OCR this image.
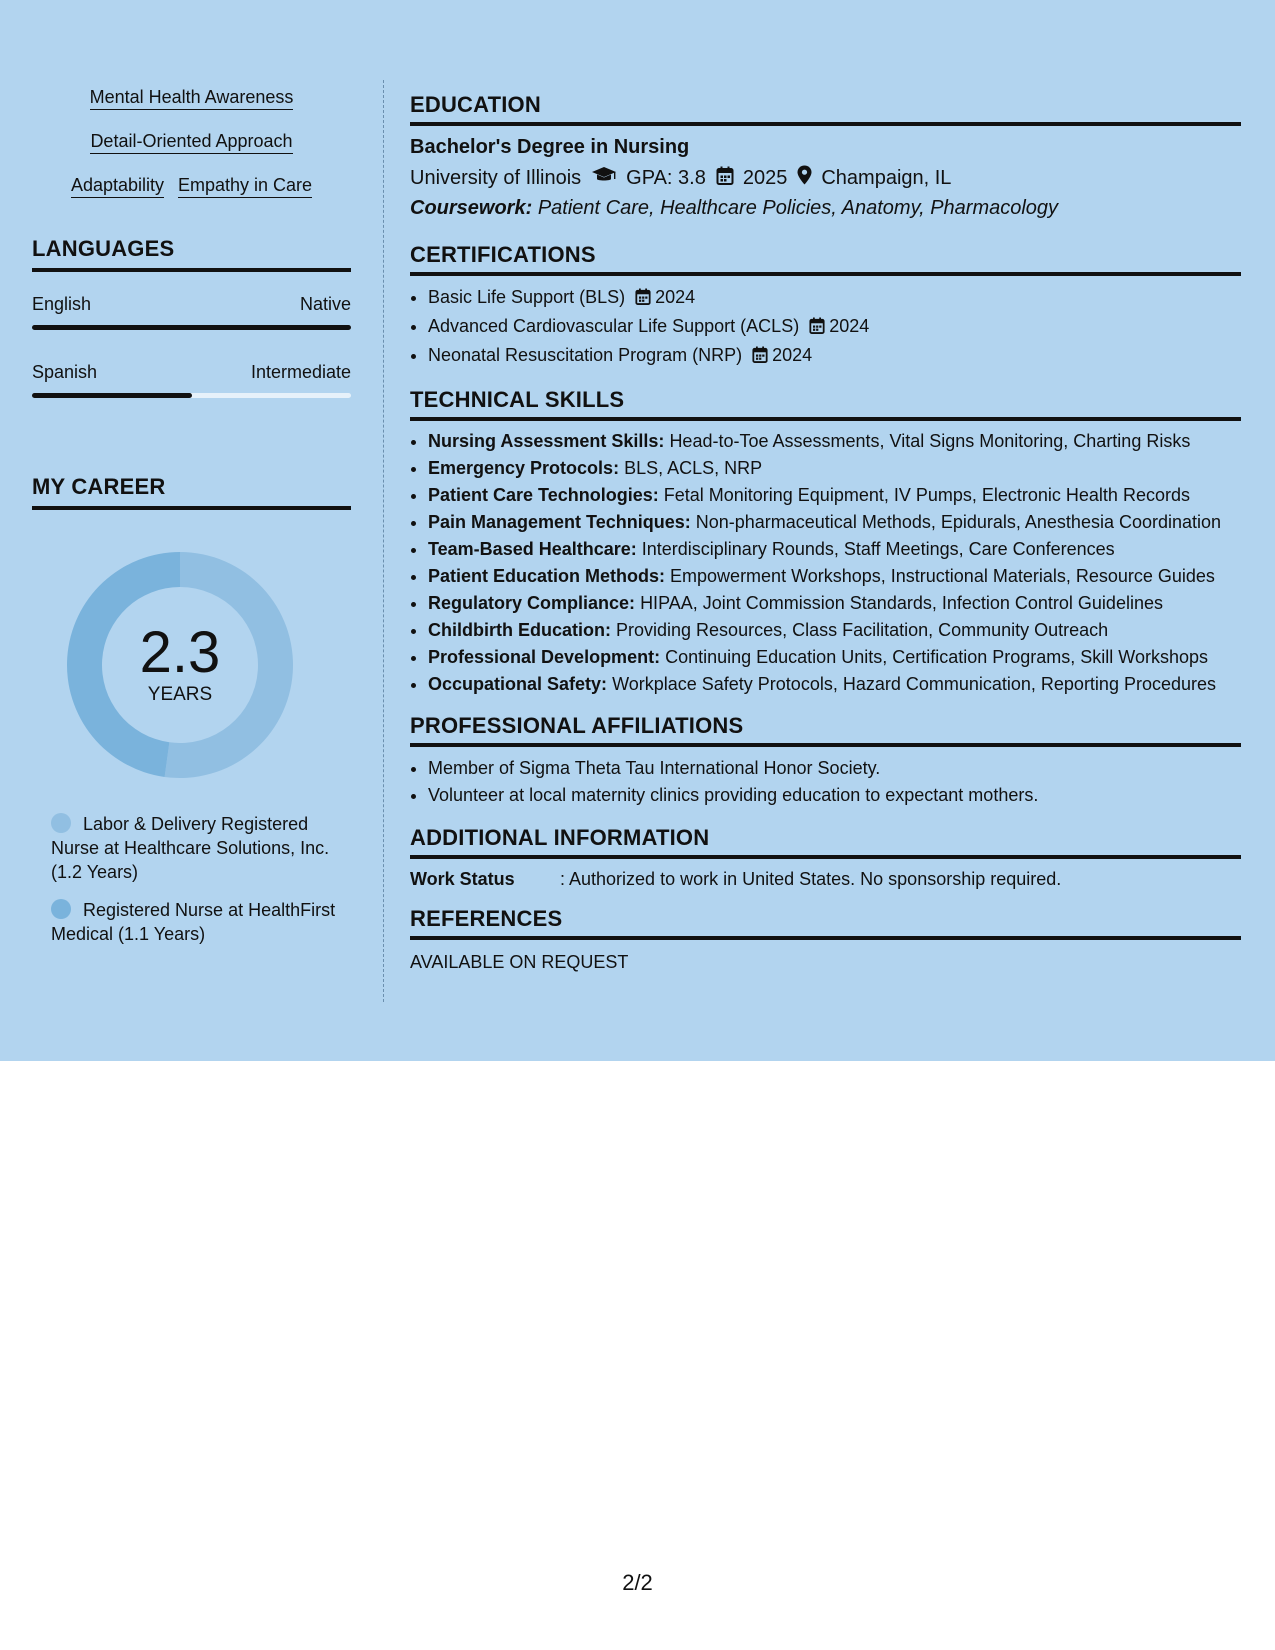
Mental Health Awareness
Detail-Oriented Approach
Adaptability Empathy in Care
LANGUAGES
English	Native
Spanish	Intermediate
MY CAREER
2.3
YEARS
Labor & Delivery Registered Nurse at Healthcare Solutions, Inc. (1.2 Years)
Registered Nurse at HealthFirst Medical (1.1 Years)
EDUCATION
Bachelor's Degree in Nursing
University of Illinois GPA: 3.8 2025 Champaign, IL
Coursework: Patient Care, Healthcare Policies, Anatomy, Pharmacology
CERTIFICATIONS
• Basic Life Support (BLS) 2024
• Advanced Cardiovascular Life Support (ACLS) 2024
• Neonatal Resuscitation Program (NRP) 2024
TECHNICAL SKILLS
• Nursing Assessment Skills: Head-to-Toe Assessments, Vital Signs Monitoring, Charting Risks
• Emergency Protocols: BLS, ACLS, NRP
• Patient Care Technologies: Fetal Monitoring Equipment, IV Pumps, Electronic Health Records
• Pain Management Techniques: Non-pharmaceutical Methods, Epidurals, Anesthesia Coordination
• Team-Based Healthcare: Interdisciplinary Rounds, Staff Meetings, Care Conferences
• Patient Education Methods: Empowerment Workshops, Instructional Materials, Resource Guides
• Regulatory Compliance: HIPAA, Joint Commission Standards, Infection Control Guidelines
• Childbirth Education: Providing Resources, Class Facilitation, Community Outreach
• Professional Development: Continuing Education Units, Certification Programs, Skill Workshops
• Occupational Safety: Workplace Safety Protocols, Hazard Communication, Reporting Procedures
PROFESSIONAL AFFILIATIONS
• Member of Sigma Theta Tau International Honor Society.
• Volunteer at local maternity clinics providing education to expectant mothers.
ADDITIONAL INFORMATION
Work Status	: Authorized to work in United States. No sponsorship required.
REFERENCES
AVAILABLE ON REQUEST
2/2
